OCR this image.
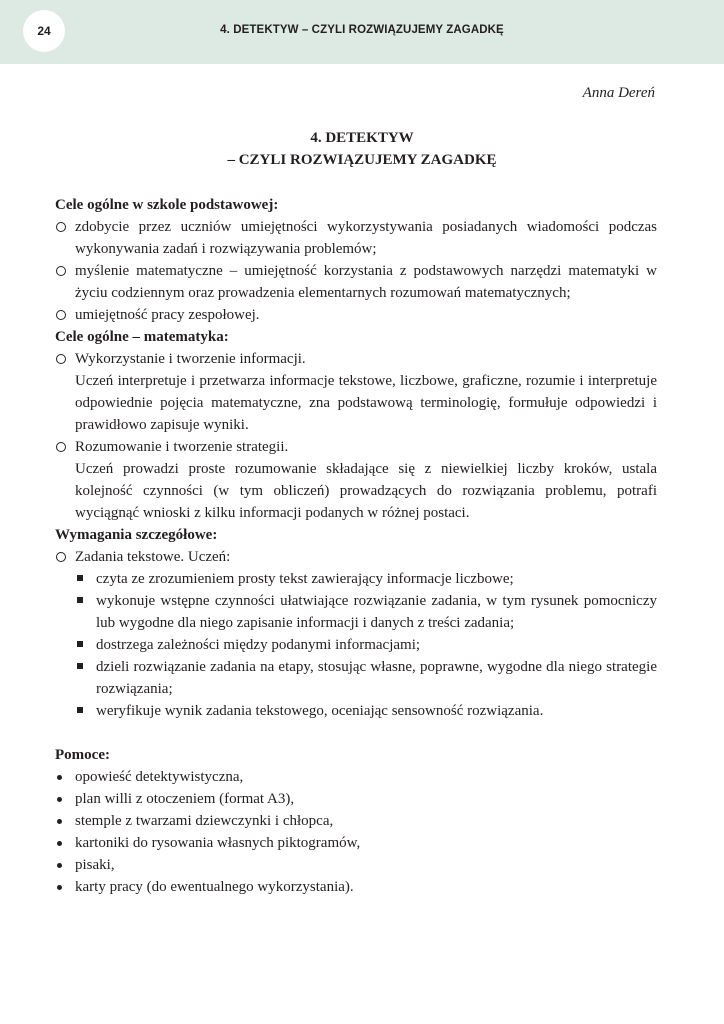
24	4. DETEKTYW – CZYLI ROZWIĄZUJEMY ZAGADKĘ
Anna Dereń
4. DETEKTYW
– CZYLI ROZWIĄZUJEMY ZAGADKĘ
Cele ogólne w szkole podstawowej:
zdobycie przez uczniów umiejętności wykorzystywania posiadanych wiadomości podczas wykonywania zadań i rozwiązywania problemów;
myślenie matematyczne – umiejętność korzystania z podstawowych narzędzi matematyki w życiu codziennym oraz prowadzenia elementarnych rozumowań matematycznych;
umiejętność pracy zespołowej.
Cele ogólne – matematyka:
Wykorzystanie i tworzenie informacji.
Uczeń interpretuje i przetwarza informacje tekstowe, liczbowe, graficzne, rozumie i interpretuje odpowiednie pojęcia matematyczne, zna podstawową terminologię, formułuje odpowiedzi i prawidłowo zapisuje wyniki.
Rozumowanie i tworzenie strategii.
Uczeń prowadzi proste rozumowanie składające się z niewielkiej liczby kroków, ustala kolejność czynności (w tym obliczeń) prowadzących do rozwiązania problemu, potrafi wyciągnąć wnioski z kilku informacji podanych w różnej postaci.
Wymagania szczegółowe:
Zadania tekstowe. Uczeń:
czyta ze zrozumieniem prosty tekst zawierający informacje liczbowe;
wykonuje wstępne czynności ułatwiające rozwiązanie zadania, w tym rysunek pomocniczy lub wygodne dla niego zapisanie informacji i danych z treści zadania;
dostrzega zależności między podanymi informacjami;
dzieli rozwiązanie zadania na etapy, stosując własne, poprawne, wygodne dla niego strategie rozwiązania;
weryfikuje wynik zadania tekstowego, oceniając sensowność rozwiązania.
Pomoce:
opowieść detektywistyczna,
plan willi z otoczeniem (format A3),
stemple z twarzami dziewczynki i chłopca,
kartoniki do rysowania własnych piktogramów,
pisaki,
karty pracy (do ewentualnego wykorzystania).
